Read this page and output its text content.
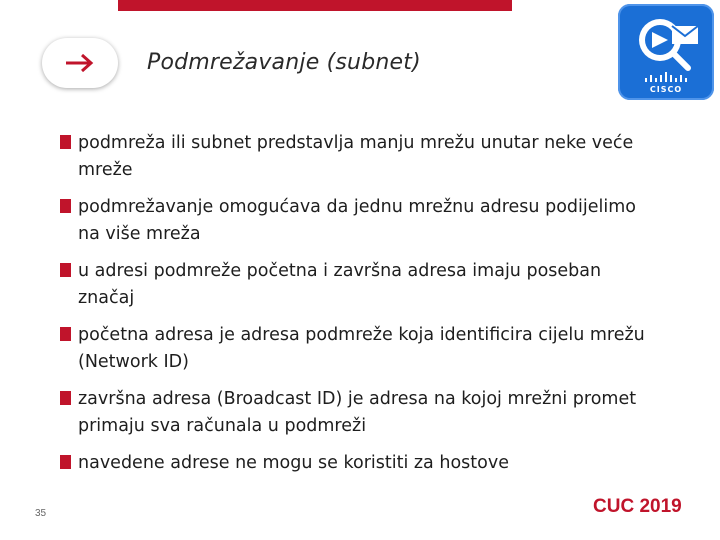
Podmrežavanje (subnet)
CISCO
podmreža ili subnet predstavlja manju mrežu unutar neke veće mreže
podmrežavanje omogućava da jednu mrežnu adresu podijelimo na više mreža
u adresi podmreže početna i završna adresa imaju poseban značaj
početna adresa je adresa podmreže koja identificira cijelu mrežu (Network ID)
završna adresa (Broadcast ID) je adresa na kojoj mrežni promet primaju sva računala u podmreži
navedene adrese ne mogu se koristiti za hostove
35	CUC 2019
